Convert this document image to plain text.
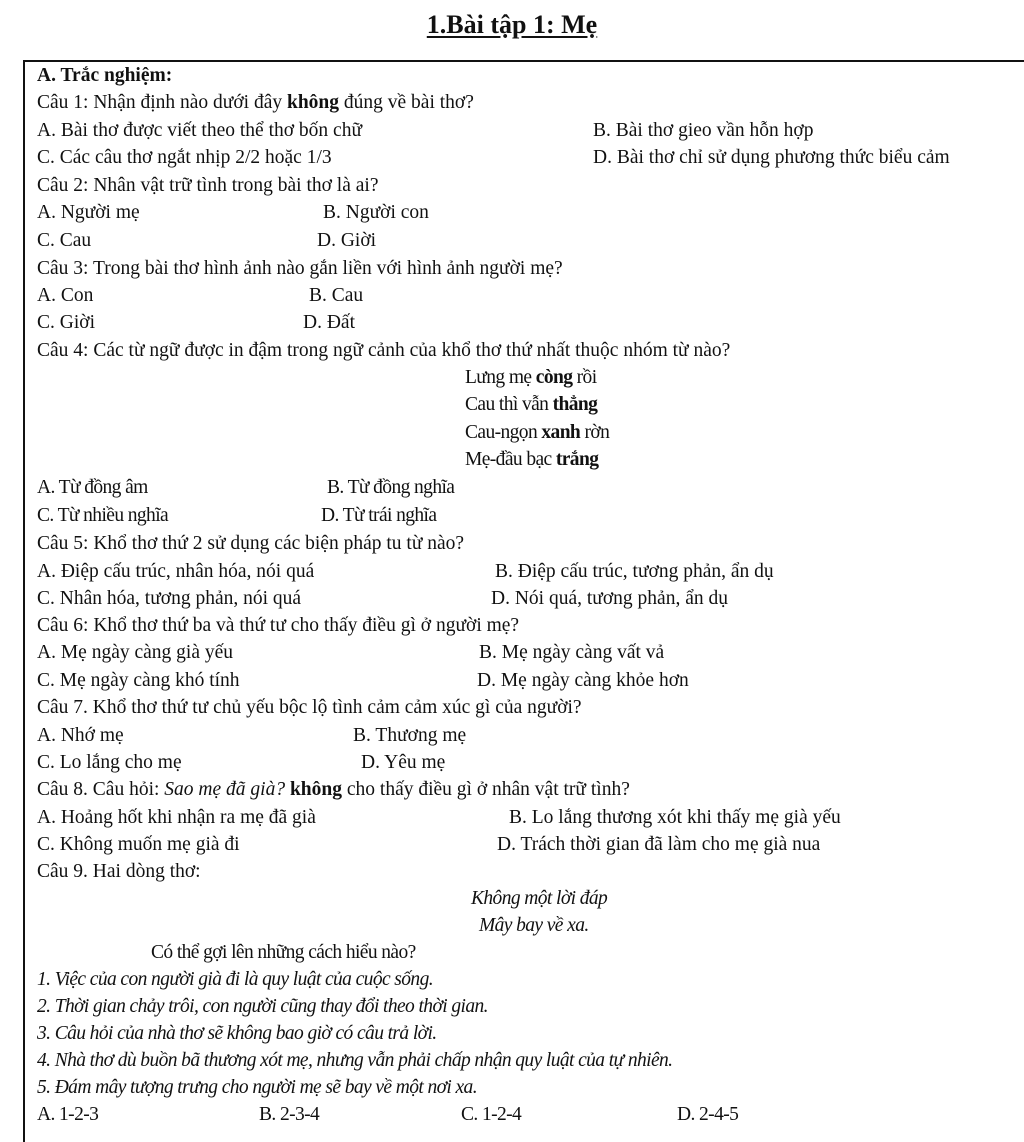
1.Bài tập 1: Mẹ
A. Trắc nghiệm:
Câu 1: Nhận định nào dưới đây không đúng về bài thơ?
A. Bài thơ được viết theo thể thơ bốn chữ	B. Bài thơ gieo vần hỗn hợp
C. Các câu thơ ngắt nhịp 2/2 hoặc 1/3	D. Bài thơ chỉ sử dụng phương thức biểu cảm
Câu 2: Nhân vật trữ tình trong bài thơ là ai?
A. Người mẹ	B. Người con
C. Cau	D. Giời
Câu 3: Trong bài thơ hình ảnh nào gắn liền với hình ảnh người mẹ?
A. Con	B. Cau
C. Giời	D. Đất
Câu 4: Các từ ngữ được in đậm trong ngữ cảnh của khổ thơ thứ nhất thuộc nhóm từ nào?
Lưng mẹ còng rồi
Cau thì vẫn thẳng
Cau-ngọn xanh rờn
Mẹ-đầu bạc trắng
A. Từ đồng âm	B. Từ đồng nghĩa
C. Từ nhiều nghĩa	D. Từ trái nghĩa
Câu 5: Khổ thơ thứ 2 sử dụng các biện pháp tu từ nào?
A. Điệp cấu trúc, nhân hóa, nói quá	B. Điệp cấu trúc, tương phản, ẩn dụ
C. Nhân hóa, tương phản, nói quá	D. Nói quá, tương phản, ẩn dụ
Câu 6: Khổ thơ thứ ba và thứ tư cho thấy điều gì ở người mẹ?
A. Mẹ ngày càng già yếu	B. Mẹ ngày càng vất vả
C. Mẹ ngày càng khó tính	D. Mẹ ngày càng khỏe hơn
Câu 7. Khổ thơ thứ tư chủ yếu bộc lộ tình cảm cảm xúc gì của người?
A. Nhớ mẹ	B. Thương mẹ
C. Lo lắng cho mẹ	D. Yêu mẹ
Câu 8. Câu hỏi: Sao mẹ đã già? không cho thấy điều gì ở nhân vật trữ tình?
A. Hoảng hốt khi nhận ra mẹ đã già	B. Lo lắng thương xót khi thấy mẹ già yếu
C. Không muốn mẹ già đi	D. Trách thời gian đã làm cho mẹ già nua
Câu 9. Hai dòng thơ:
Không một lời đáp
Mây bay về xa.
Có thể gợi lên những cách hiểu nào?
1. Việc của con người già đi là quy luật của cuộc sống.
2. Thời gian chảy trôi, con người cũng thay đổi theo thời gian.
3. Câu hỏi của nhà thơ sẽ không bao giờ có câu trả lời.
4. Nhà thơ dù buồn bã thương xót mẹ, nhưng vẫn phải chấp nhận quy luật của tự nhiên.
5. Đám mây tượng trưng cho người mẹ sẽ bay về một nơi xa.
A. 1-2-3	B. 2-3-4	C. 1-2-4	D. 2-4-5
